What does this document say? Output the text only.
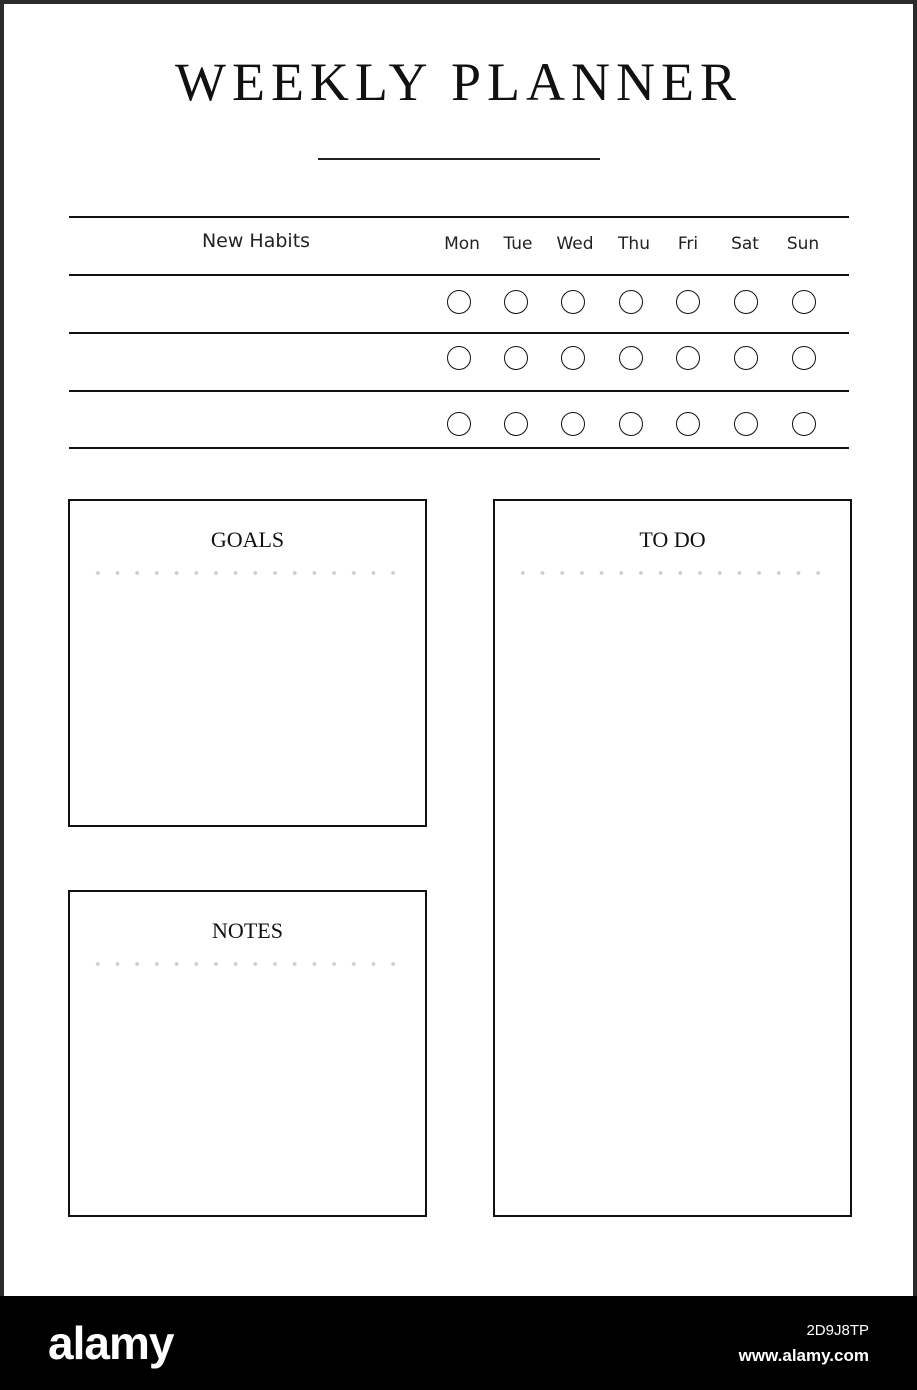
WEEKLY PLANNER
New Habits	Mon	Tue	Wed	Thu	Fri	Sat	Sun
GOALS
NOTES
TO DO
alamy	2D9J8TP
www.alamy.com
